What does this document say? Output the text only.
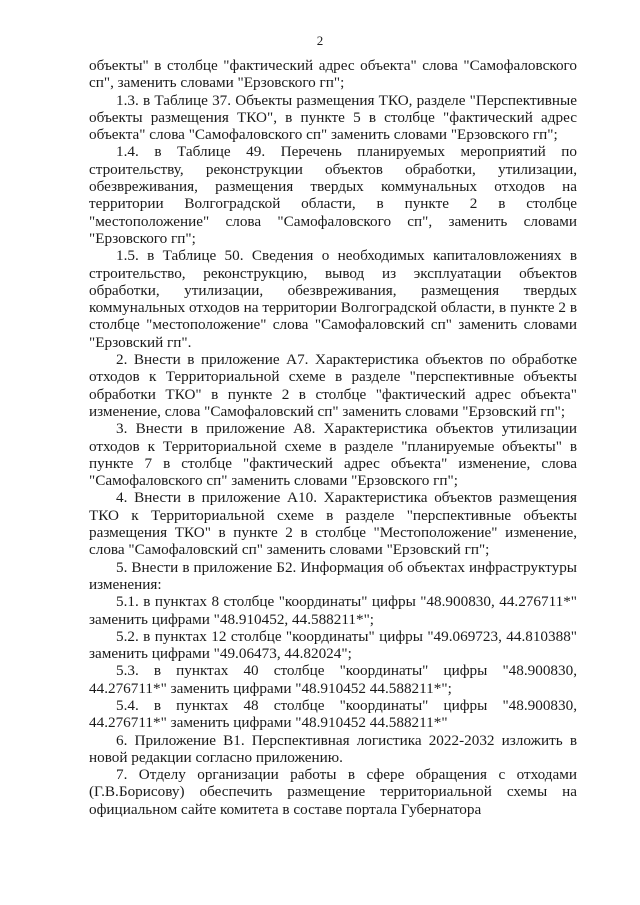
2

объекты" в столбце "фактический адрес объекта" слова "Самофаловского сп", заменить словами "Ерзовского гп";

1.3. в Таблице 37. Объекты размещения ТКО, разделе "Перспективные объекты размещения ТКО", в пункте 5 в столбце "фактический адрес объекта" слова "Самофаловского сп" заменить словами "Ерзовского гп";

1.4. в Таблице 49. Перечень планируемых мероприятий по строительству, реконструкции объектов обработки, утилизации, обезвреживания, размещения твердых коммунальных отходов на территории Волгоградской области, в пункте 2 в столбце "местоположение" слова "Самофаловского сп", заменить словами "Ерзовского гп";

1.5. в Таблице 50. Сведения о необходимых капиталовложениях в строительство, реконструкцию, вывод из эксплуатации объектов обработки, утилизации, обезвреживания, размещения твердых коммунальных отходов на территории Волгоградской области, в пункте 2 в столбце "местоположение" слова "Самофаловский сп" заменить словами "Ерзовский гп".

2. Внести в приложение А7. Характеристика объектов по обработке отходов к Территориальной схеме в разделе "перспективные объекты обработки ТКО" в пункте 2 в столбце "фактический адрес объекта" изменение, слова "Самофаловский сп" заменить словами "Ерзовский гп";

3. Внести в приложение А8. Характеристика объектов утилизации отходов к Территориальной схеме в разделе "планируемые объекты" в пункте 7 в столбце "фактический адрес объекта" изменение, слова "Самофаловского сп" заменить словами "Ерзовского гп";

4. Внести в приложение А10. Характеристика объектов размещения ТКО к Территориальной схеме в разделе "перспективные объекты размещения ТКО" в пункте 2 в столбце "Местоположение" изменение, слова "Самофаловский сп" заменить словами "Ерзовский гп";

5. Внести в приложение Б2. Информация об объектах инфраструктуры изменения:

5.1. в пунктах 8 столбце "координаты" цифры "48.900830, 44.276711*" заменить цифрами "48.910452, 44.588211*";

5.2. в пунктах 12 столбце "координаты" цифры "49.069723, 44.810388" заменить цифрами "49.06473, 44.82024";

5.3. в пунктах 40 столбце "координаты" цифры "48.900830, 44.276711*" заменить цифрами "48.910452 44.588211*";

5.4. в пунктах 48 столбце "координаты" цифры "48.900830, 44.276711*" заменить цифрами "48.910452 44.588211*"

6. Приложение В1. Перспективная логистика 2022-2032 изложить в новой редакции согласно приложению.

7. Отделу организации работы в сфере обращения с отходами (Г.В.Борисову) обеспечить размещение территориальной схемы на официальном сайте комитета в составе портала Губернатора
